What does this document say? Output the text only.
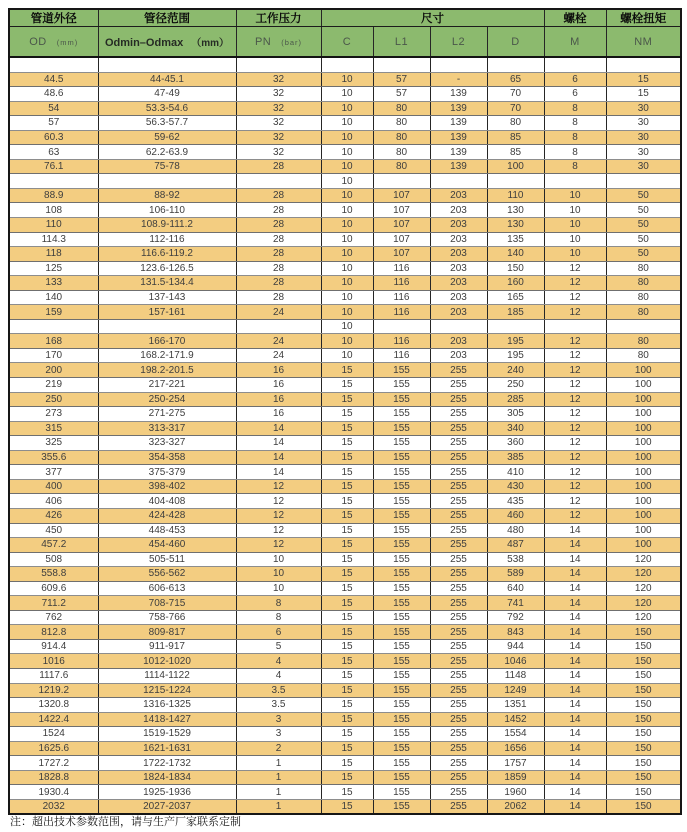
管道外径	管径范围	工作压力	尺寸				螺栓	螺栓扭矩
OD (mm)	Odmin–Odmax （mm）	PN (bar)	C	L1	L2	D	M	NM

44.5	44-45.1	32	10	57	-	65	6	15
48.6	47-49	32	10	57	139	70	6	15
54	53.3-54.6	32	10	80	139	70	8	30
57	56.3-57.7	32	10	80	139	80	8	30
60.3	59-62	32	10	80	139	85	8	30
63	62.2-63.9	32	10	80	139	85	8	30
76.1	75-78	28	10	80	139	100	8	30
			10					
88.9	88-92	28	10	107	203	110	10	50
108	106-110	28	10	107	203	130	10	50
110	108.9-111.2	28	10	107	203	130	10	50
114.3	112-116	28	10	107	203	135	10	50
118	116.6-119.2	28	10	107	203	140	10	50
125	123.6-126.5	28	10	116	203	150	12	80
133	131.5-134.4	28	10	116	203	160	12	80
140	137-143	28	10	116	203	165	12	80
159	157-161	24	10	116	203	185	12	80
			10					
168	166-170	24	10	116	203	195	12	80
170	168.2-171.9	24	10	116	203	195	12	80
200	198.2-201.5	16	15	155	255	240	12	100
219	217-221	16	15	155	255	250	12	100
250	250-254	16	15	155	255	285	12	100
273	271-275	16	15	155	255	305	12	100
315	313-317	14	15	155	255	340	12	100
325	323-327	14	15	155	255	360	12	100
355.6	354-358	14	15	155	255	385	12	100
377	375-379	14	15	155	255	410	12	100
400	398-402	12	15	155	255	430	12	100
406	404-408	12	15	155	255	435	12	100
426	424-428	12	15	155	255	460	12	100
450	448-453	12	15	155	255	480	14	100
457.2	454-460	12	15	155	255	487	14	100
508	505-511	10	15	155	255	538	14	120
558.8	556-562	10	15	155	255	589	14	120
609.6	606-613	10	15	155	255	640	14	120
711.2	708-715	8	15	155	255	741	14	120
762	758-766	8	15	155	255	792	14	120
812.8	809-817	6	15	155	255	843	14	150
914.4	911-917	5	15	155	255	944	14	150
1016	1012-1020	4	15	155	255	1046	14	150
1117.6	1114-1122	4	15	155	255	1148	14	150
1219.2	1215-1224	3.5	15	155	255	1249	14	150
1320.8	1316-1325	3.5	15	155	255	1351	14	150
1422.4	1418-1427	3	15	155	255	1452	14	150
1524	1519-1529	3	15	155	255	1554	14	150
1625.6	1621-1631	2	15	155	255	1656	14	150
1727.2	1722-1732	1	15	155	255	1757	14	150
1828.8	1824-1834	1	15	155	255	1859	14	150
1930.4	1925-1936	1	15	155	255	1960	14	150
2032	2027-2037	1	15	155	255	2062	14	150
注：超出技术参数范围，请与生产厂家联系定制
